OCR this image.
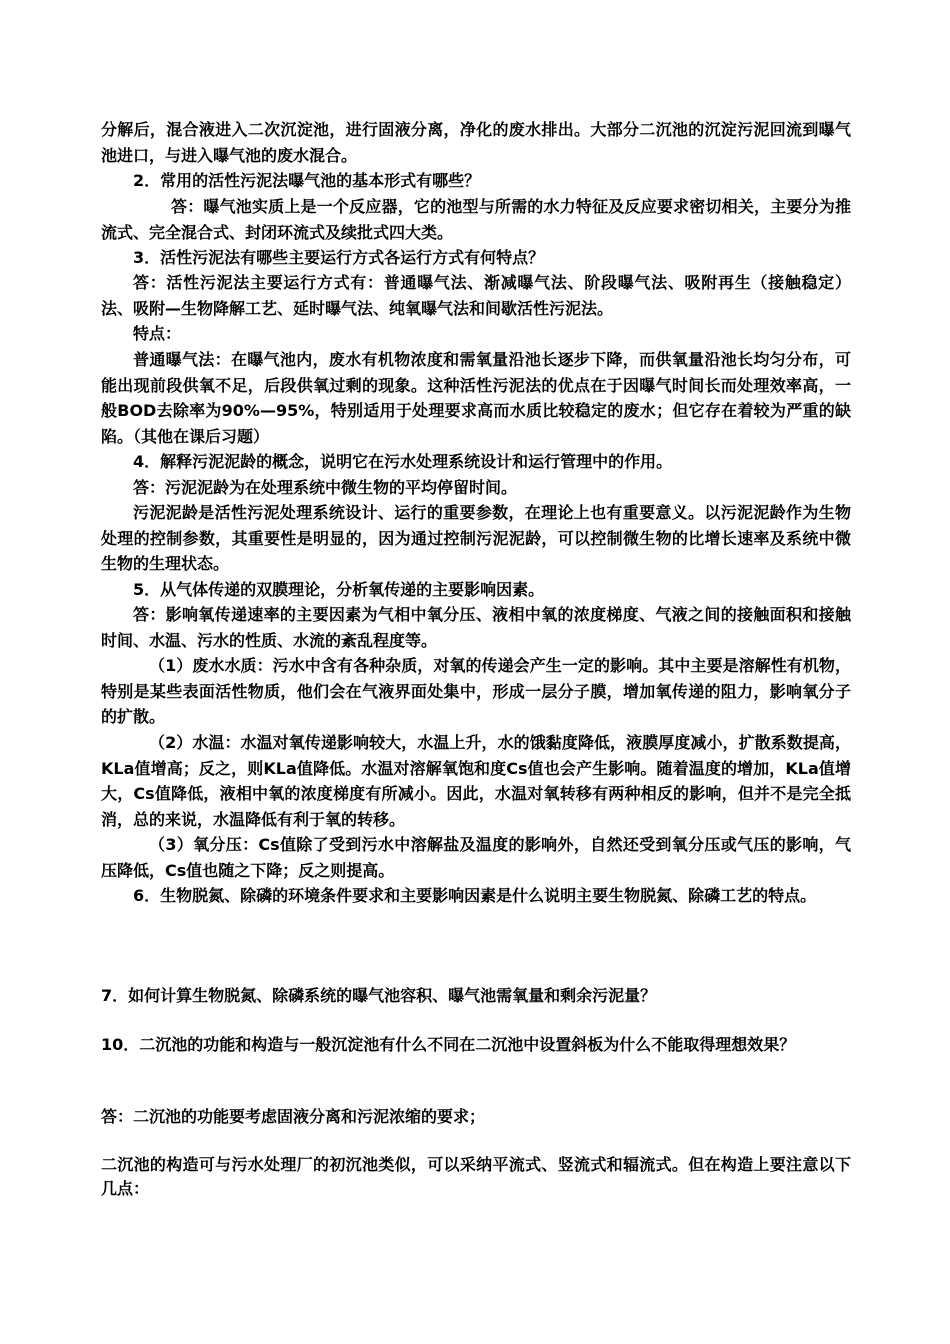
分解后，混合液进入二次沉淀池，进行固液分离，净化的废水排出。大部分二沉池的沉淀污泥回流到曝气池进口，与进入曝气池的废水混合。

2．常用的活性污泥法曝气池的基本形式有哪些？

答：曝气池实质上是一个反应器，它的池型与所需的水力特征及反应要求密切相关，主要分为推流式、完全混合式、封闭环流式及续批式四大类。

3．活性污泥法有哪些主要运行方式各运行方式有何特点？

答：活性污泥法主要运行方式有：普通曝气法、渐减曝气法、阶段曝气法、吸附再生（接触稳定）法、吸附—生物降解工艺、延时曝气法、纯氧曝气法和间歇活性污泥法。

特点：

普通曝气法：在曝气池内，废水有机物浓度和需氧量沿池长逐步下降，而供氧量沿池长均匀分布，可能出现前段供氧不足，后段供氧过剩的现象。这种活性污泥法的优点在于因曝气时间长而处理效率高，一般BOD去除率为90%—95%，特别适用于处理要求高而水质比较稳定的废水；但它存在着较为严重的缺陷。（其他在课后习题）

4．解释污泥泥龄的概念，说明它在污水处理系统设计和运行管理中的作用。

答：污泥泥龄为在处理系统中微生物的平均停留时间。

污泥泥龄是活性污泥处理系统设计、运行的重要参数，在理论上也有重要意义。以污泥泥龄作为生物处理的控制参数，其重要性是明显的，因为通过控制污泥泥龄，可以控制微生物的比增长速率及系统中微生物的生理状态。

5．从气体传递的双膜理论，分析氧传递的主要影响因素。

答：影响氧传递速率的主要因素为气相中氧分压、液相中氧的浓度梯度、气液之间的接触面积和接触时间、水温、污水的性质、水流的紊乱程度等。

（1）废水水质：污水中含有各种杂质，对氧的传递会产生一定的影响。其中主要是溶解性有机物，特别是某些表面活性物质，他们会在气液界面处集中，形成一层分子膜，增加氧传递的阻力，影响氧分子的扩散。

（2）水温：水温对氧传递影响较大，水温上升，水的饿黏度降低，液膜厚度减小，扩散系数提高，KLa值增高；反之，则KLa值降低。水温对溶解氧饱和度Cs值也会产生影响。随着温度的增加，KLa值增大，Cs值降低，液相中氧的浓度梯度有所减小。因此，水温对氧转移有两种相反的影响，但并不是完全抵消，总的来说，水温降低有利于氧的转移。

（3）氧分压：Cs值除了受到污水中溶解盐及温度的影响外，自然还受到氧分压或气压的影响，气压降低，Cs值也随之下降；反之则提高。

6．生物脱氮、除磷的环境条件要求和主要影响因素是什么说明主要生物脱氮、除磷工艺的特点。

7．如何计算生物脱氮、除磷系统的曝气池容积、曝气池需氧量和剩余污泥量？

10．二沉池的功能和构造与一般沉淀池有什么不同在二沉池中设置斜板为什么不能取得理想效果？

答：二沉池的功能要考虑固液分离和污泥浓缩的要求；

二沉池的构造可与污水处理厂的初沉池类似，可以采纳平流式、竖流式和辐流式。但在构造上要注意以下几点：
